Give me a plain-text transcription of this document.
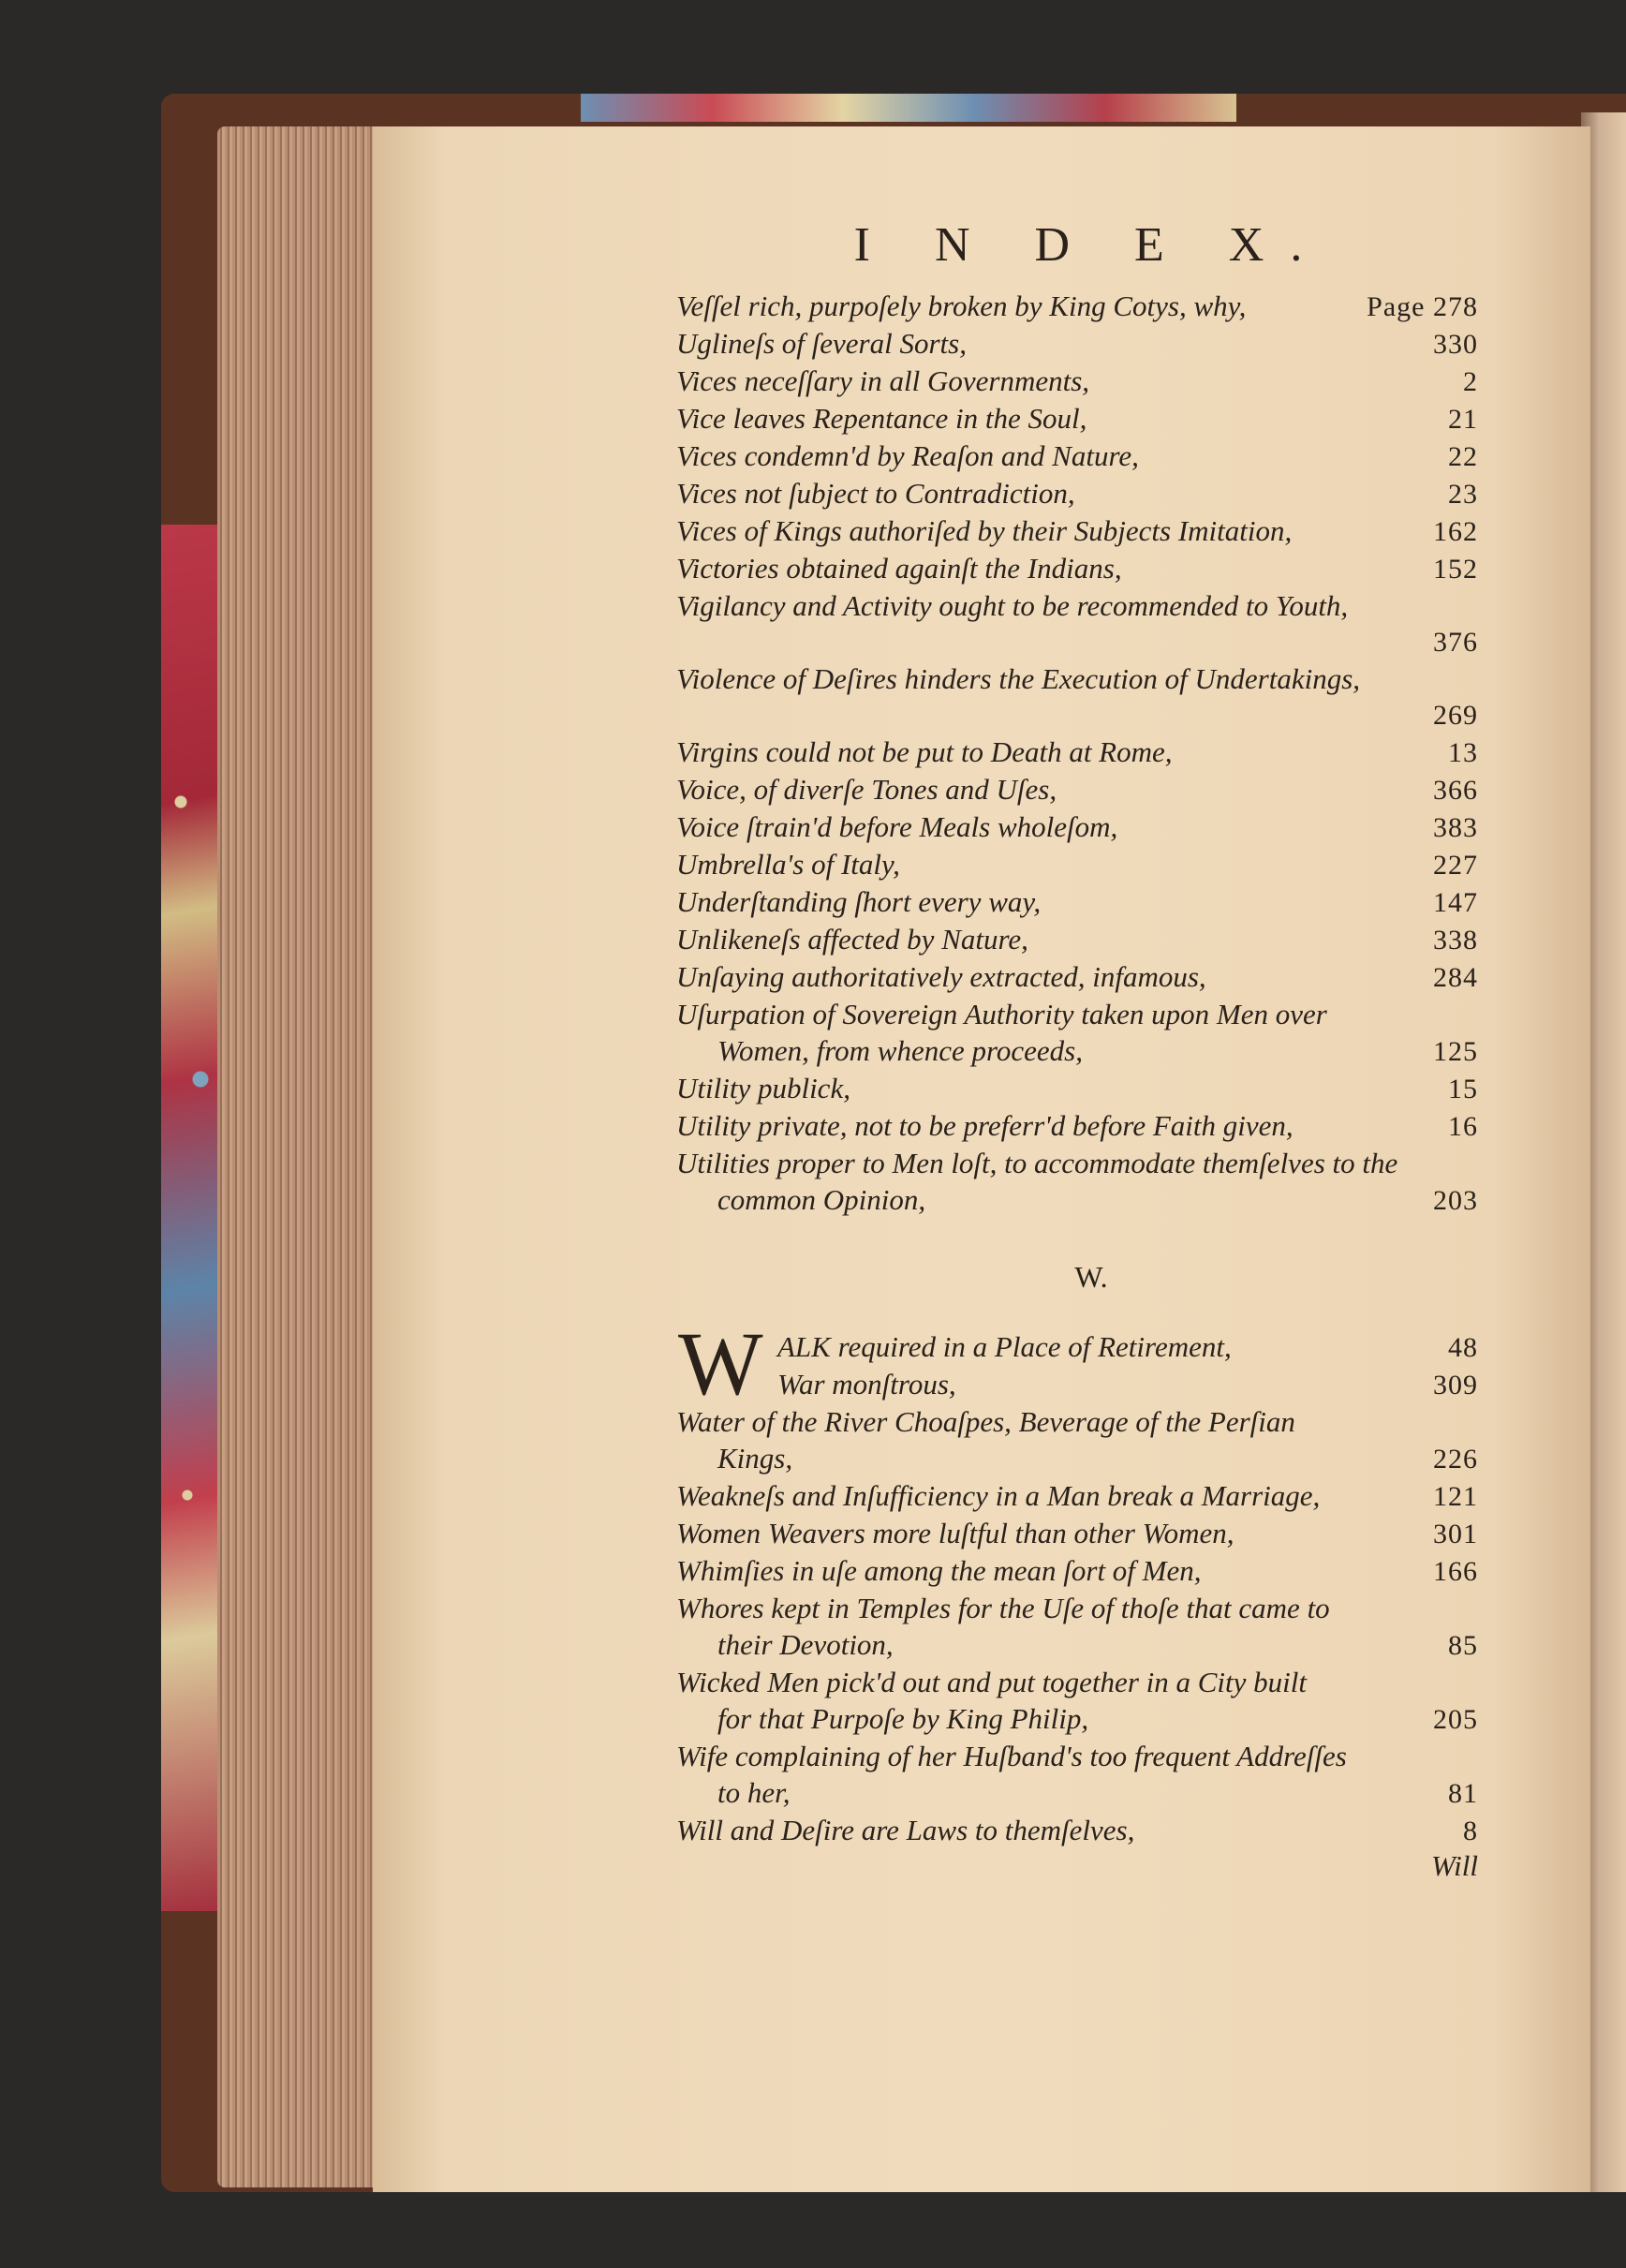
I N D E X.
Veſſel rich, purpoſely broken by King Cotys, why,	Page 278
Uglineſs of ſeveral Sorts,	330
Vices neceſſary in all Governments,	2
Vice leaves Repentance in the Soul,	21
Vices condemn'd by Reaſon and Nature,	22
Vices not ſubject to Contradiction,	23
Vices of Kings authoriſed by their Subjects Imitation,	162
Victories obtained againſt the Indians,	152
Vigilancy and Activity ought to be recommended to Youth,
376
Violence of Deſires hinders the Execution of Undertakings,
269
Virgins could not be put to Death at Rome,	13
Voice, of diverſe Tones and Uſes,	366
Voice ſtrain'd before Meals wholeſom,	383
Umbrella's of Italy,	227
Underſtanding ſhort every way,	147
Unlikeneſs affected by Nature,	338
Unſaying authoritatively extracted, infamous,	284
Uſurpation of Sovereign Authority taken upon Men over
Women, from whence proceeds,	125
Utility publick,	15
Utility private, not to be preferr'd before Faith given,	16
Utilities proper to Men loſt, to accommodate themſelves to the
common Opinion,	203
W.
W ALK required in a Place of Retirement,	48
War monſtrous,	309
Water of the River Choaſpes, Beverage of the Perſian
Kings,	226
Weakneſs and Inſufficiency in a Man break a Marriage,	121
Women Weavers more luſtful than other Women,	301
Whimſies in uſe among the mean ſort of Men,	166
Whores kept in Temples for the Uſe of thoſe that came to
their Devotion,	85
Wicked Men pick'd out and put together in a City built
for that Purpoſe by King Philip,	205
Wife complaining of her Huſband's too frequent Addreſſes
to her,	81
Will and Deſire are Laws to themſelves,	8
Will
